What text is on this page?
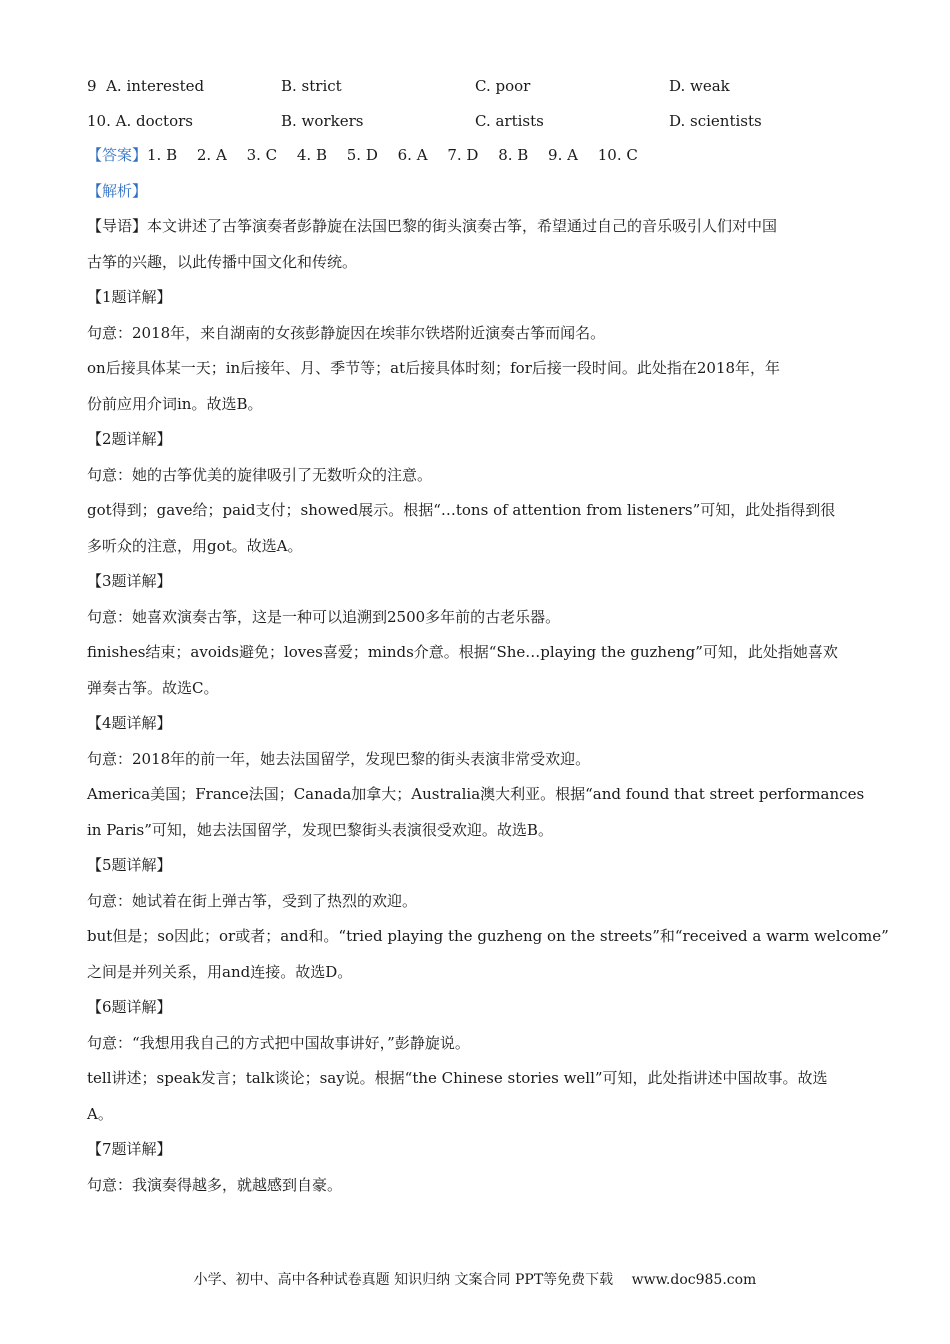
9 A. interested	B. strict	C. poor	D. weak
10. A. doctors	B. workers	C. artists	D. scientists
【答案】1. B　 2. A　 3. C　 4. B　 5. D　 6. A　 7. D　 8. B　 9. A　 10. C
【解析】
【导语】本文讲述了古筝演奏者彭静旋在法国巴黎的街头演奏古筝，希望通过自己的音乐吸引人们对中国
古筝的兴趣，以此传播中国文化和传统。
【1题详解】
句意：2018年，来自湖南的女孩彭静旋因在埃菲尔铁塔附近演奏古筝而闻名。
on后接具体某一天；in后接年、月、季节等；at后接具体时刻；for后接一段时间。此处指在2018年，年
份前应用介词in。故选B。
【2题详解】
句意：她的古筝优美的旋律吸引了无数听众的注意。
got得到；gave给；paid支付；showed展示。根据“…tons of attention from listeners”可知，此处指得到很
多听众的注意，用got。故选A。
【3题详解】
句意：她喜欢演奏古筝，这是一种可以追溯到2500多年前的古老乐器。
finishes结束；avoids避免；loves喜爱；minds介意。根据“She…playing the guzheng”可知，此处指她喜欢
弹奏古筝。故选C。
【4题详解】
句意：2018年的前一年，她去法国留学，发现巴黎的街头表演非常受欢迎。
America美国；France法国；Canada加拿大；Australia澳大利亚。根据“and found that street performances
in Paris”可知，她去法国留学，发现巴黎街头表演很受欢迎。故选B。
【5题详解】
句意：她试着在街上弹古筝，受到了热烈的欢迎。
but但是；so因此；or或者；and和。“tried playing the guzheng on the streets”和“received a warm welcome”
之间是并列关系，用and连接。故选D。
【6题详解】
句意：“我想用我自己的方式把中国故事讲好，”彭静旋说。
tell讲述；speak发言；talk谈论；say说。根据“the Chinese stories well”可知，此处指讲述中国故事。故选
A。
【7题详解】
句意：我演奏得越多，就越感到自豪。
小学、初中、高中各种试卷真题 知识归纳 文案合同 PPT等免费下载　 www.doc985.com
